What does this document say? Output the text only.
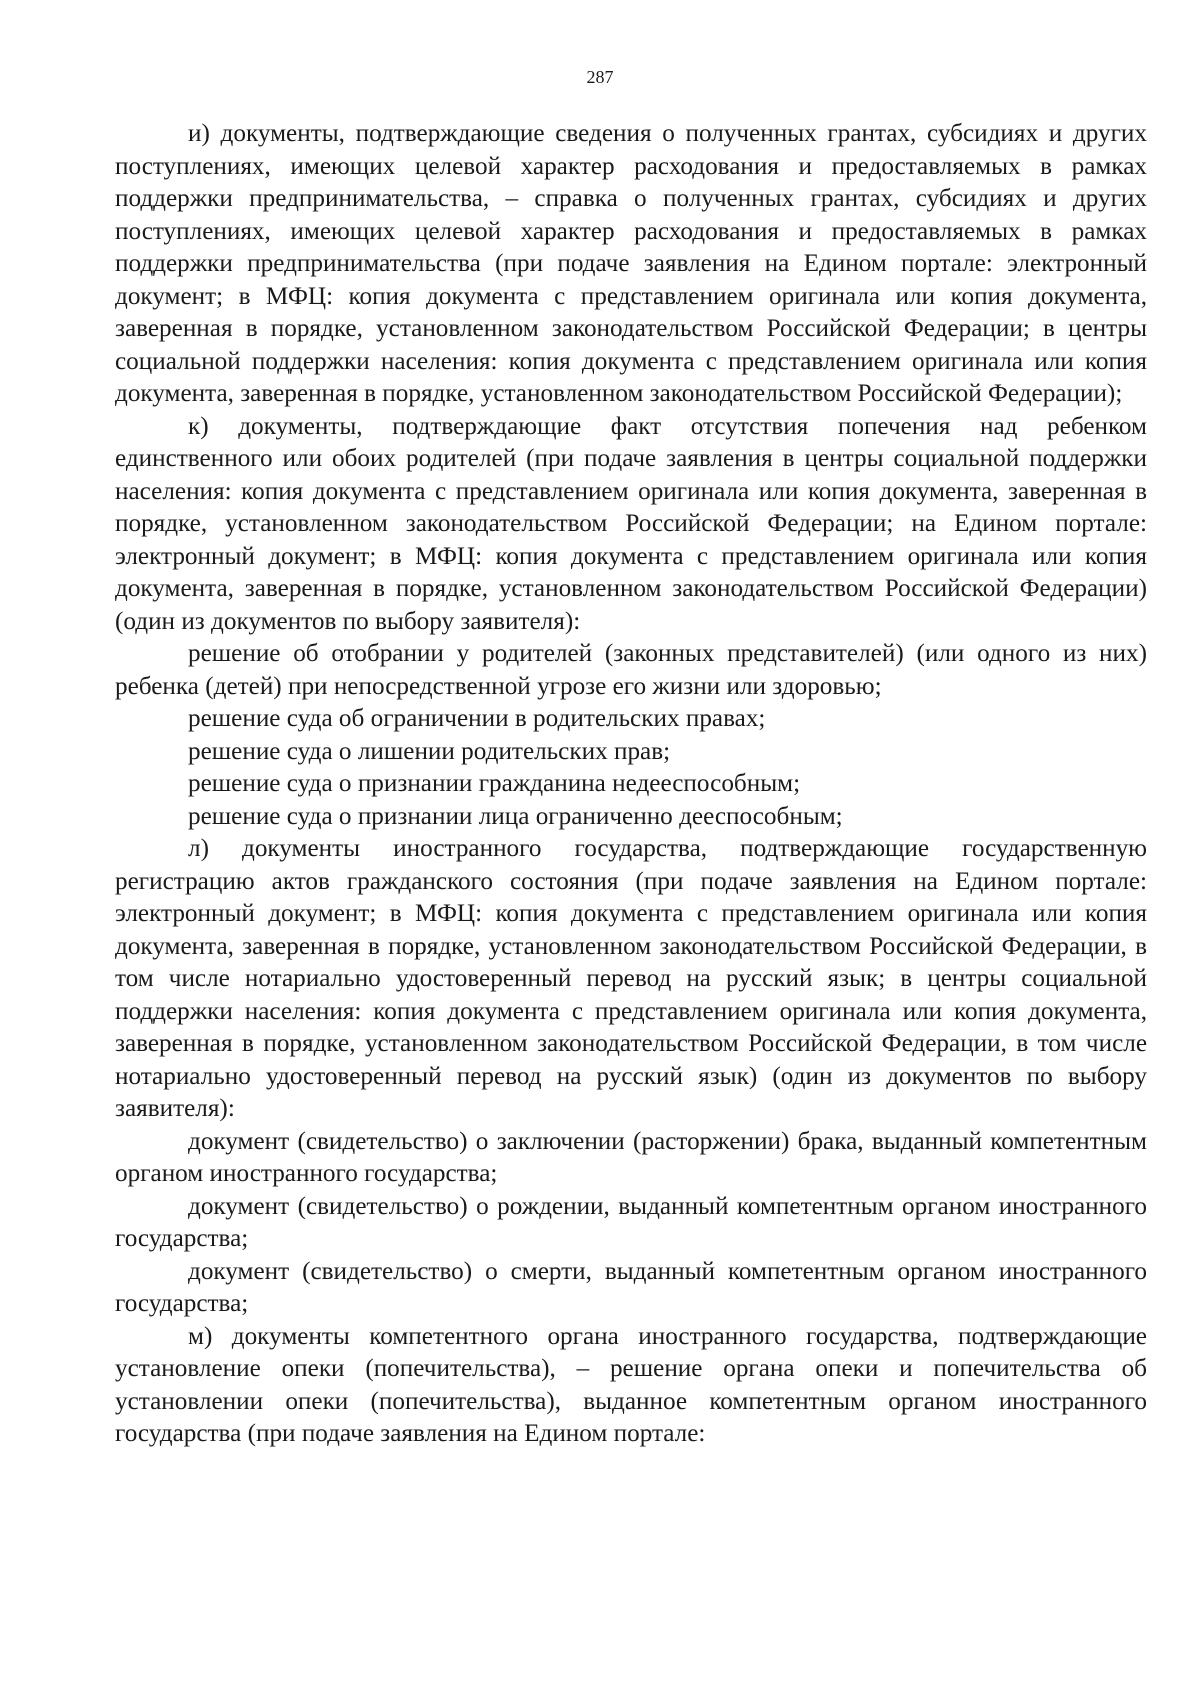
287

и) документы, подтверждающие сведения о полученных грантах, субсидиях и других поступлениях, имеющих целевой характер расходования и предоставляемых в рамках поддержки предпринимательства, – справка о полученных грантах, субсидиях и других поступлениях, имеющих целевой характер расходования и предоставляемых в рамках поддержки предпринимательства (при подаче заявления на Едином портале: электронный документ; в МФЦ: копия документа с представлением оригинала или копия документа, заверенная в порядке, установленном законодательством Российской Федерации; в центры социальной поддержки населения: копия документа с представлением оригинала или копия документа, заверенная в порядке, установленном законодательством Российской Федерации);

к) документы, подтверждающие факт отсутствия попечения над ребенком единственного или обоих родителей (при подаче заявления в центры социальной поддержки населения: копия документа с представлением оригинала или копия документа, заверенная в порядке, установленном законодательством Российской Федерации; на Едином портале: электронный документ; в МФЦ: копия документа с представлением оригинала или копия документа, заверенная в порядке, установленном законодательством Российской Федерации) (один из документов по выбору заявителя):

решение об отобрании у родителей (законных представителей) (или одного из них) ребенка (детей) при непосредственной угрозе его жизни или здоровью;

решение суда об ограничении в родительских правах;

решение суда о лишении родительских прав;

решение суда о признании гражданина недееспособным;

решение суда о признании лица ограниченно дееспособным;

л) документы иностранного государства, подтверждающие государственную регистрацию актов гражданского состояния (при подаче заявления на Едином портале: электронный документ; в МФЦ: копия документа с представлением оригинала или копия документа, заверенная в порядке, установленном законодательством Российской Федерации, в том числе нотариально удостоверенный перевод на русский язык; в центры социальной поддержки населения: копия документа с представлением оригинала или копия документа, заверенная в порядке, установленном законодательством Российской Федерации, в том числе нотариально удостоверенный перевод на русский язык) (один из документов по выбору заявителя):

документ (свидетельство) о заключении (расторжении) брака, выданный компетентным органом иностранного государства;

документ (свидетельство) о рождении, выданный компетентным органом иностранного государства;

документ (свидетельство) о смерти, выданный компетентным органом иностранного государства;

м) документы компетентного органа иностранного государства, подтверждающие установление опеки (попечительства), – решение органа опеки и попечительства об установлении опеки (попечительства), выданное компетентным органом иностранного государства (при подаче заявления на Едином портале:
